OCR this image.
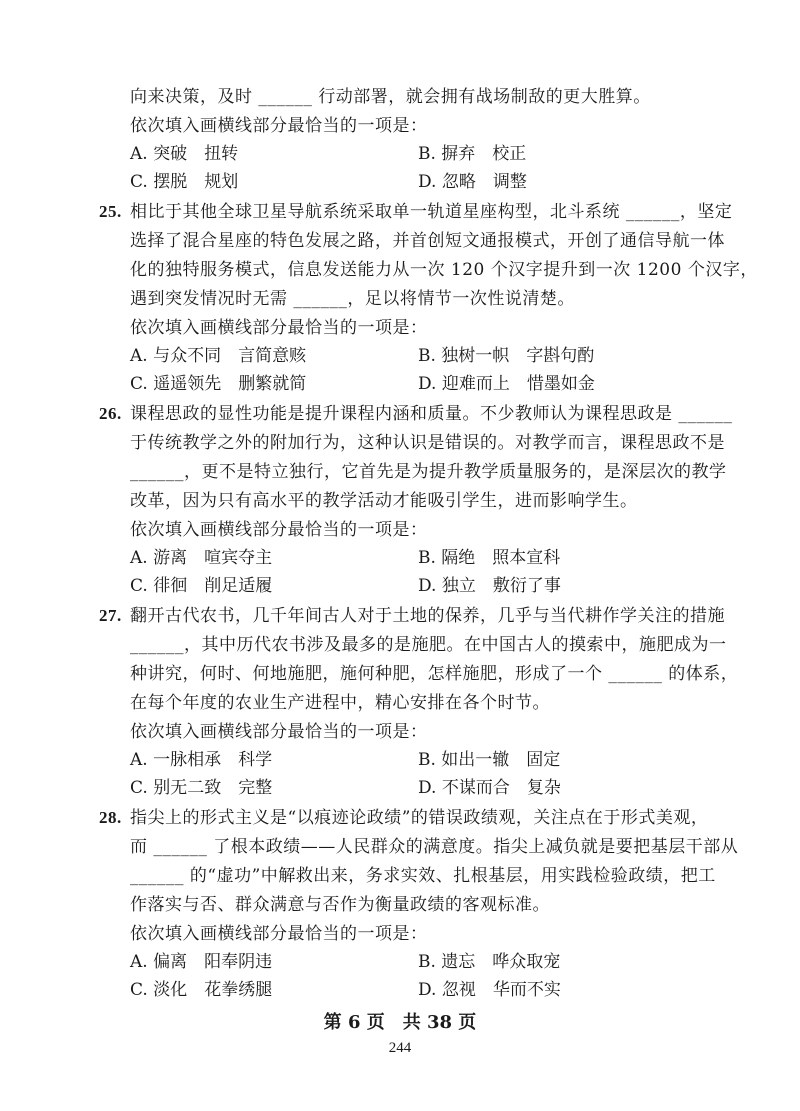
向来决策，及时 ______ 行动部署，就会拥有战场制敌的更大胜算。
依次填入画横线部分最恰当的一项是：
A. 突破　扭转	B. 摒弃　校正
C. 摆脱　规划	D. 忽略　调整
25. 相比于其他全球卫星导航系统采取单一轨道星座构型，北斗系统 ______，坚定
选择了混合星座的特色发展之路，并首创短文通报模式，开创了通信导航一体
化的独特服务模式，信息发送能力从一次 120 个汉字提升到一次 1200 个汉字，
遇到突发情况时无需 ______，足以将情节一次性说清楚。
依次填入画横线部分最恰当的一项是：
A. 与众不同　言简意赅	B. 独树一帜　字斟句酌
C. 遥遥领先　删繁就简	D. 迎难而上　惜墨如金
26. 课程思政的显性功能是提升课程内涵和质量。不少教师认为课程思政是 ______
于传统教学之外的附加行为，这种认识是错误的。对教学而言，课程思政不是
______，更不是特立独行，它首先是为提升教学质量服务的，是深层次的教学
改革，因为只有高水平的教学活动才能吸引学生，进而影响学生。
依次填入画横线部分最恰当的一项是：
A. 游离　喧宾夺主	B. 隔绝　照本宣科
C. 徘徊　削足适履	D. 独立　敷衍了事
27. 翻开古代农书，几千年间古人对于土地的保养，几乎与当代耕作学关注的措施
______，其中历代农书涉及最多的是施肥。在中国古人的摸索中，施肥成为一
种讲究，何时、何地施肥，施何种肥，怎样施肥，形成了一个 ______ 的体系，
在每个年度的农业生产进程中，精心安排在各个时节。
依次填入画横线部分最恰当的一项是：
A. 一脉相承　科学	B. 如出一辙　固定
C. 别无二致　完整	D. 不谋而合　复杂
28. 指尖上的形式主义是“以痕迹论政绩”的错误政绩观，关注点在于形式美观，
而 ______ 了根本政绩——人民群众的满意度。指尖上减负就是要把基层干部从
______ 的“虚功”中解救出来，务求实效、扎根基层，用实践检验政绩，把工
作落实与否、群众满意与否作为衡量政绩的客观标准。
依次填入画横线部分最恰当的一项是：
A. 偏离　阳奉阴违	B. 遗忘　哗众取宠
C. 淡化　花拳绣腿	D. 忽视　华而不实
第 6 页　共 38 页
244
